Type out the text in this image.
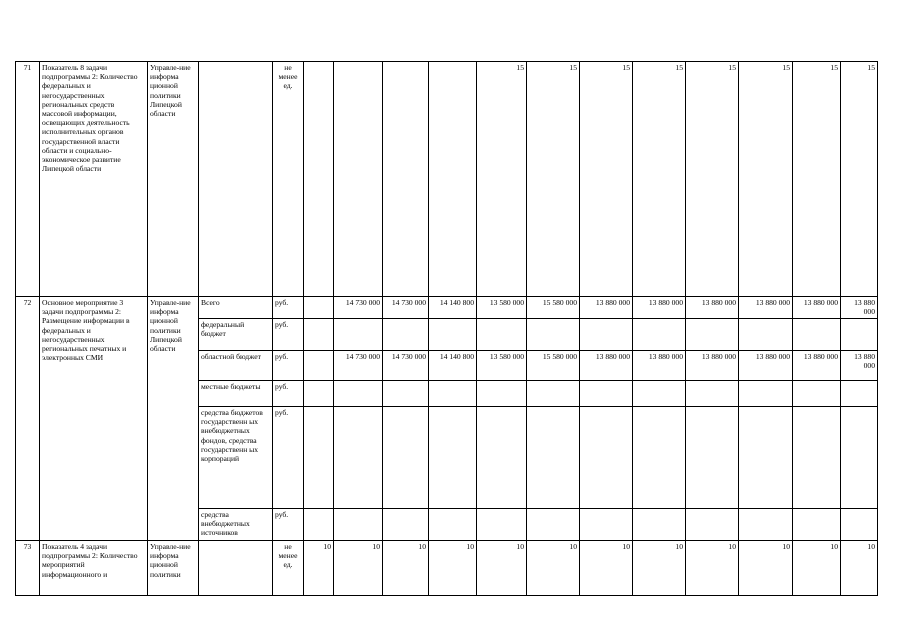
71	Показатель 8 задачи подпрограммы 2: Количество федеральных и негосударственных региональных средств массовой информации, освещающих деятельность исполнительных органов государственной власти области и социально-экономическое развитие Липецкой области	Управле-ние информа ционной политики Липецкой области		не менее ед.					15	15	15	15	15	15	15	15
72	Основное мероприятие 3 задачи подпрограммы 2: Размещение информации в федеральных и негосударственных региональных печатных и электронных СМИ	Управле-ние информа ционной политики Липецкой области	Всего	руб.		14 730 000	14 730 000	14 140 800	13 580 000	15 580 000	13 880 000	13 880 000	13 880 000	13 880 000	13 880 000	13 880 000
			федеральный бюджет	руб.												
			областной бюджет	руб.		14 730 000	14 730 000	14 140 800	13 580 000	15 580 000	13 880 000	13 880 000	13 880 000	13 880 000	13 880 000	13 880 000
			местные бюджеты	руб.												
			средства бюджетов государственн ых внебюджетных фондов, средства государственн ых корпораций	руб.												
			средства внебюджетных источников	руб.												
73	Показатель 4 задачи подпрограммы 2: Количество мероприятий информационного и	Управле-ние информа ционной политики		не менее ед.	10	10	10	10	10	10	10	10	10	10	10	10
